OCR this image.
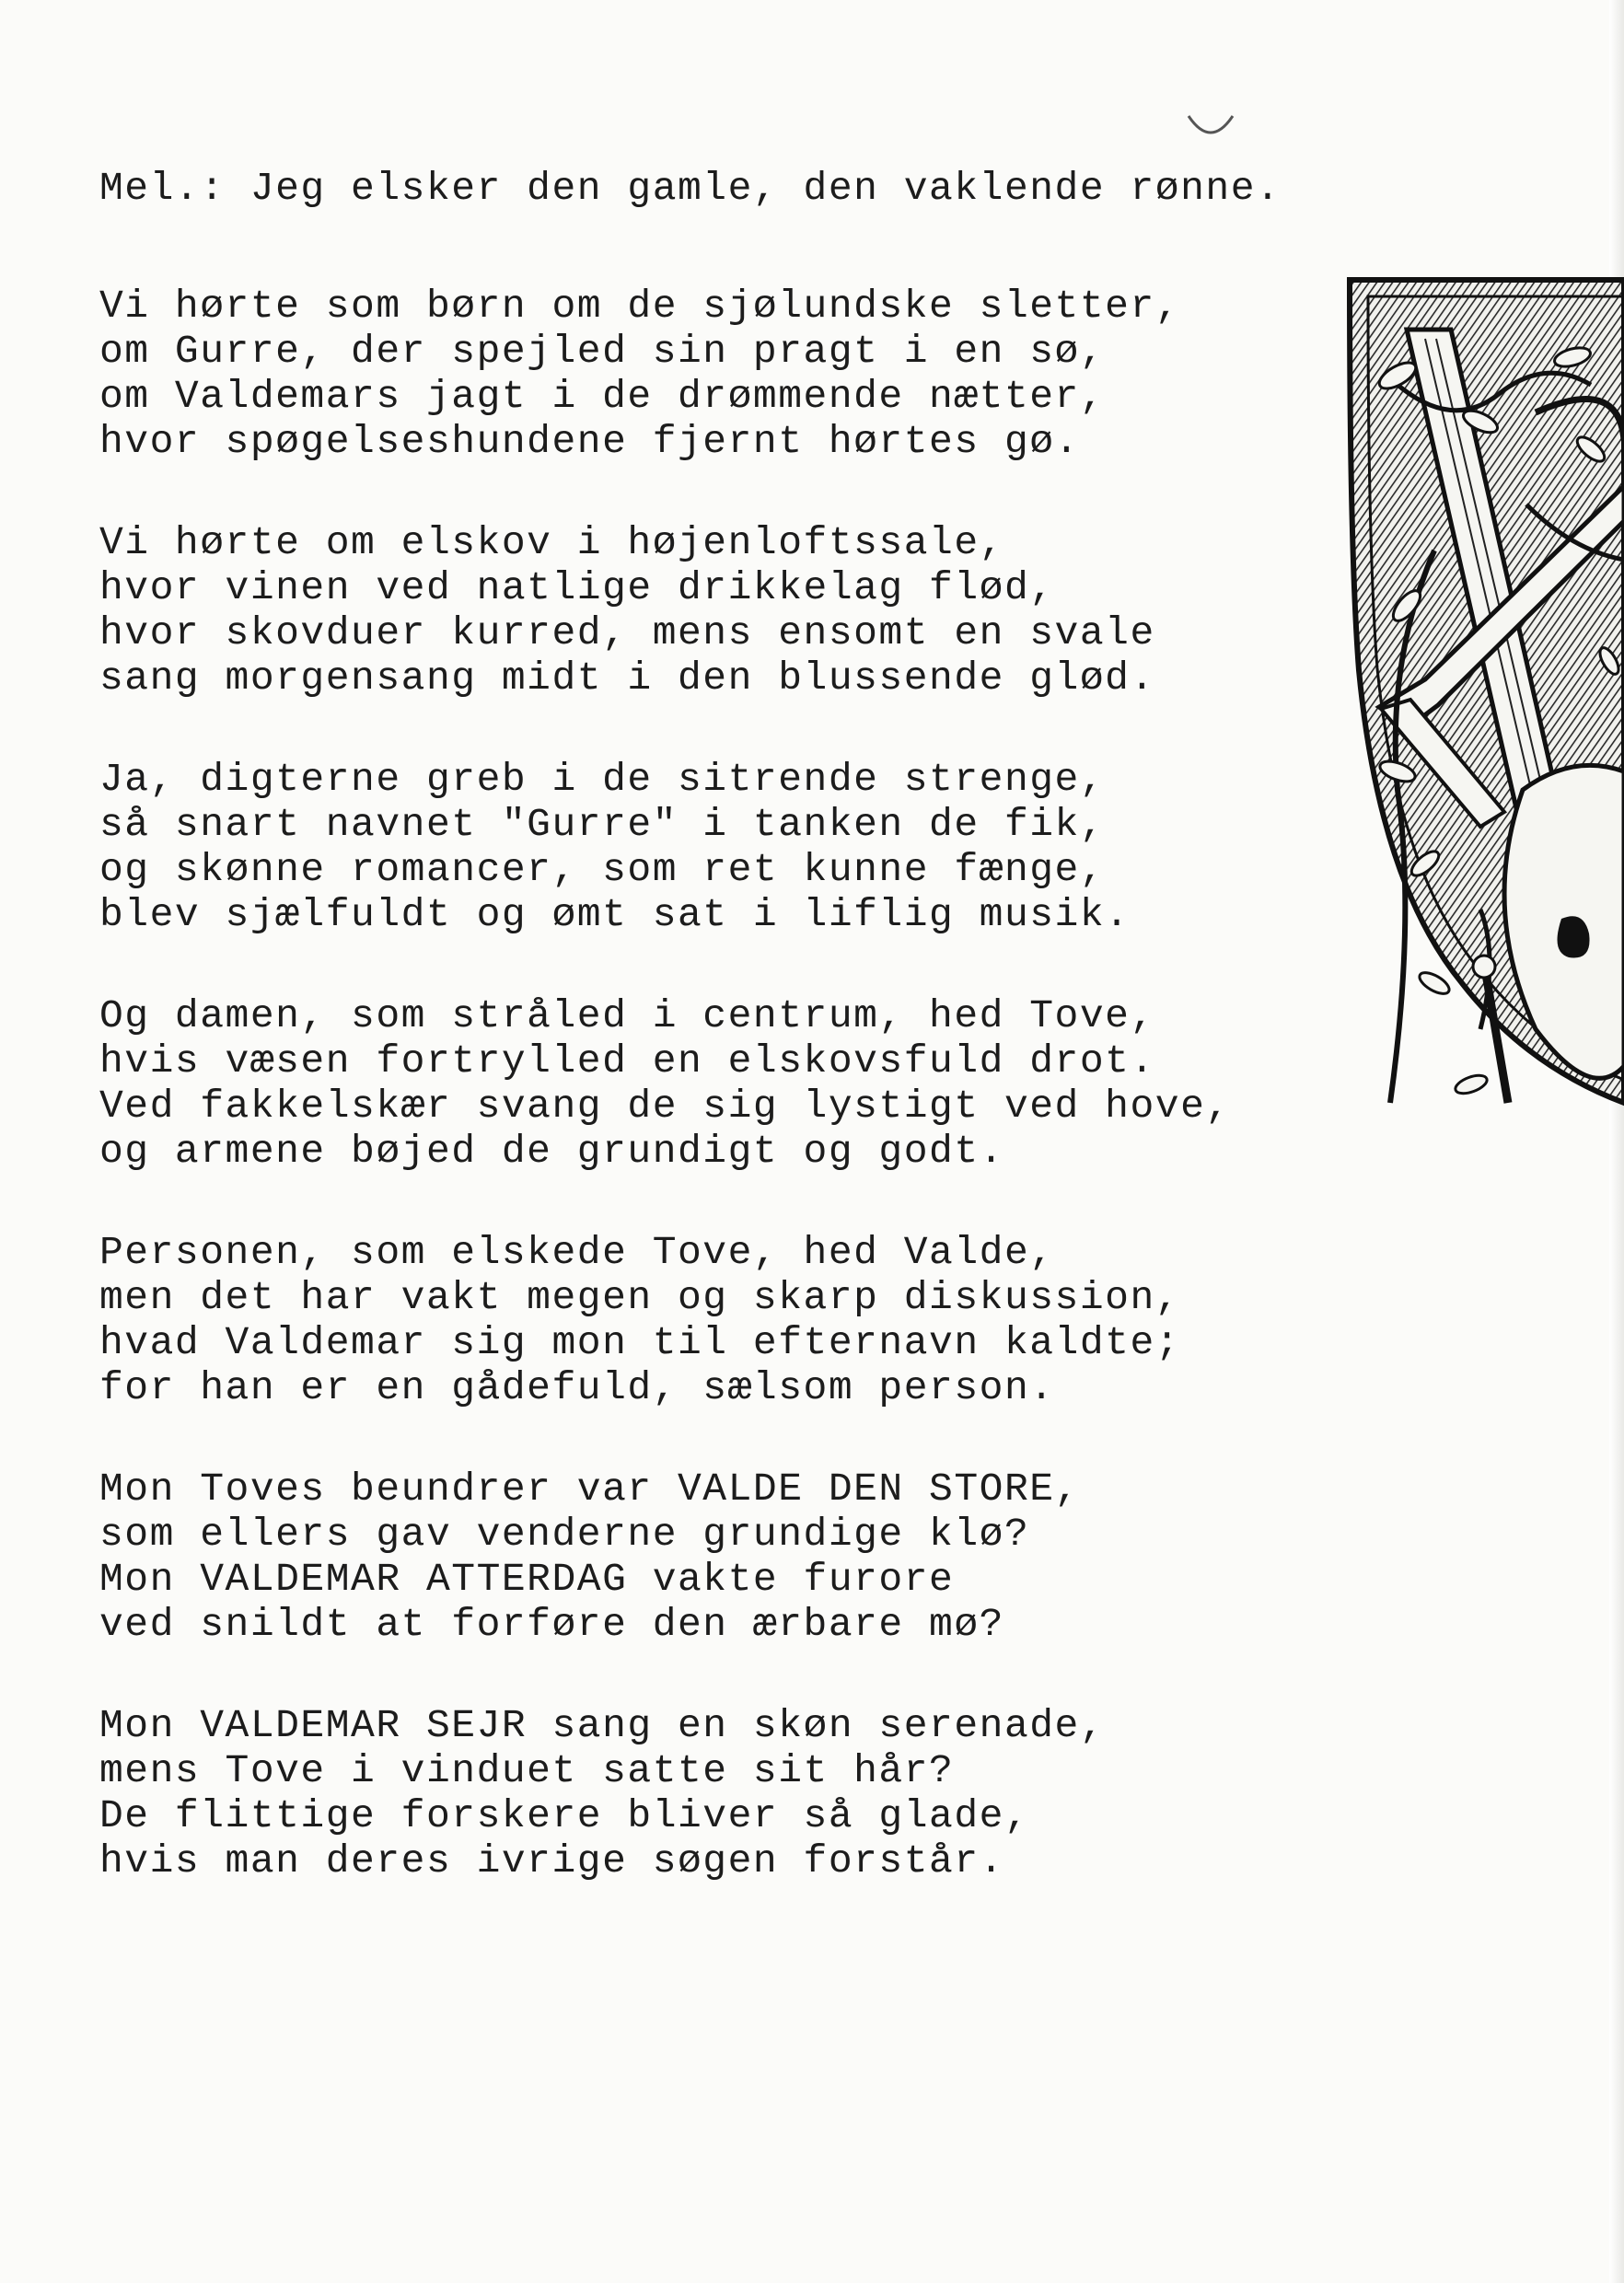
Mel.: Jeg elsker den gamle, den vaklende rønne.
Vi hørte som børn om de sjølundske sletter,
om Gurre, der spejled sin pragt i en sø,
om Valdemars jagt i de drømmende nætter,
hvor spøgelseshundene fjernt hørtes gø.
Vi hørte om elskov i højenloftssale,
hvor vinen ved natlige drikkelag flød,
hvor skovduer kurred, mens ensomt en svale
sang morgensang midt i den blussende glød.
Ja, digterne greb i de sitrende strenge,
så snart navnet "Gurre" i tanken de fik,
og skønne romancer, som ret kunne fænge,
blev sjælfuldt og ømt sat i liflig musik.
Og damen, som stråled i centrum, hed Tove,
hvis væsen fortrylled en elskovsfuld drot.
Ved fakkelskær svang de sig lystigt ved hove,
og armene bøjed de grundigt og godt.
Personen, som elskede Tove, hed Valde,
men det har vakt megen og skarp diskussion,
hvad Valdemar sig mon til efternavn kaldte;
for han er en gådefuld, sælsom person.
Mon Toves beundrer var VALDE DEN STORE,
som ellers gav venderne grundige klø?
Mon VALDEMAR ATTERDAG vakte furore
ved snildt at forføre den ærbare mø?
Mon VALDEMAR SEJR sang en skøn serenade,
mens Tove i vinduet satte sit hår?
De flittige forskere bliver så glade,
hvis man deres ivrige søgen forstår.
